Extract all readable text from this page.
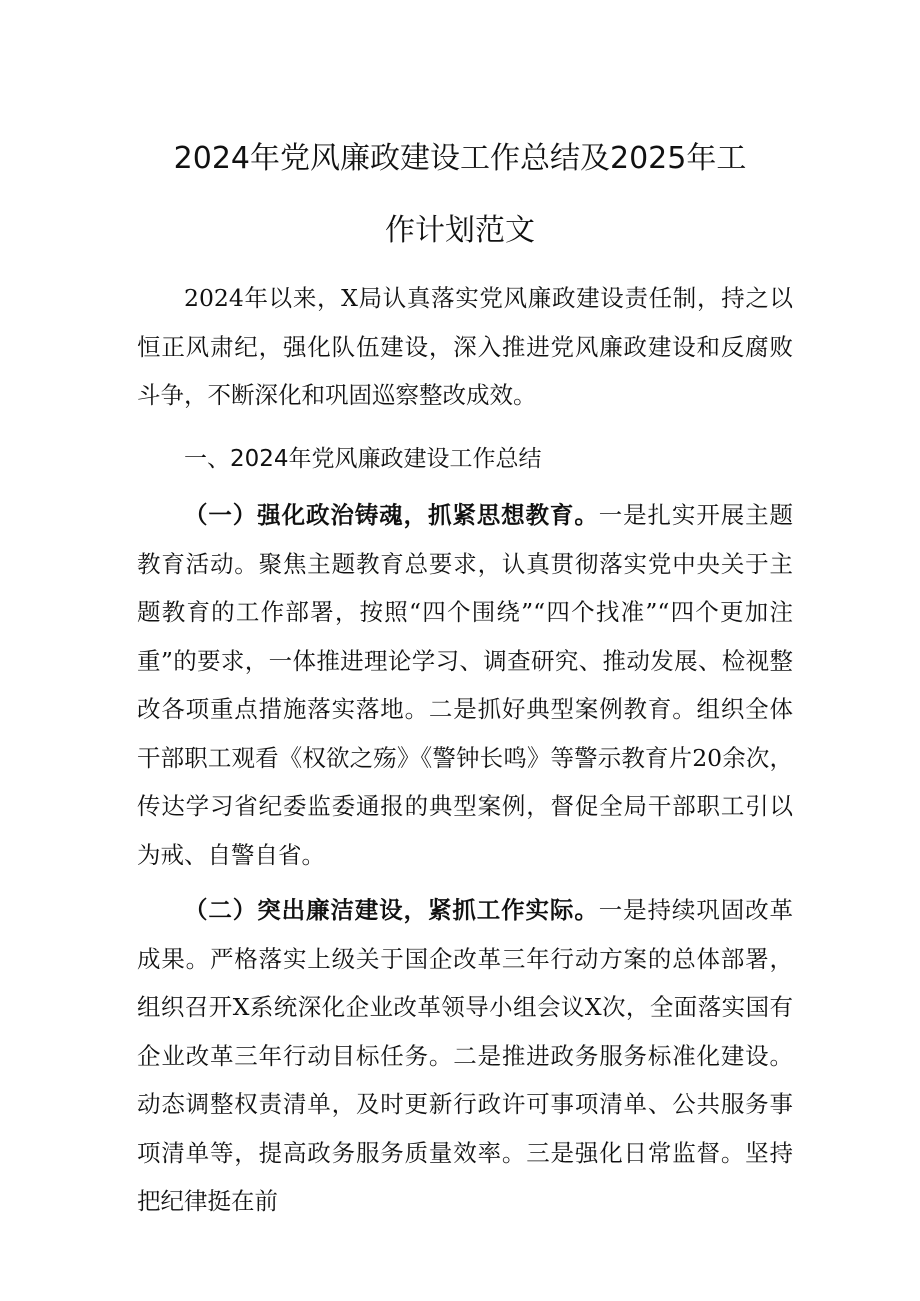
2024年党风廉政建设工作总结及2025年工
作计划范文

2024年以来，X局认真落实党风廉政建设责任制，持之以恒正风肃纪，强化队伍建设，深入推进党风廉政建设和反腐败斗争，不断深化和巩固巡察整改成效。

一、2024年党风廉政建设工作总结

（一）强化政治铸魂，抓紧思想教育。一是扎实开展主题教育活动。聚焦主题教育总要求，认真贯彻落实党中央关于主题教育的工作部署，按照“四个围绕”“四个找准”“四个更加注重”的要求，一体推进理论学习、调查研究、推动发展、检视整改各项重点措施落实落地。二是抓好典型案例教育。组织全体干部职工观看《权欲之殇》《警钟长鸣》等警示教育片20余次，传达学习省纪委监委通报的典型案例，督促全局干部职工引以为戒、自警自省。

（二）突出廉洁建设，紧抓工作实际。一是持续巩固改革成果。严格落实上级关于国企改革三年行动方案的总体部署，组织召开X系统深化企业改革领导小组会议X次，全面落实国有企业改革三年行动目标任务。二是推进政务服务标准化建设。动态调整权责清单，及时更新行政许可事项清单、公共服务事项清单等，提高政务服务质量效率。三是强化日常监督。坚持把纪律挺在前
